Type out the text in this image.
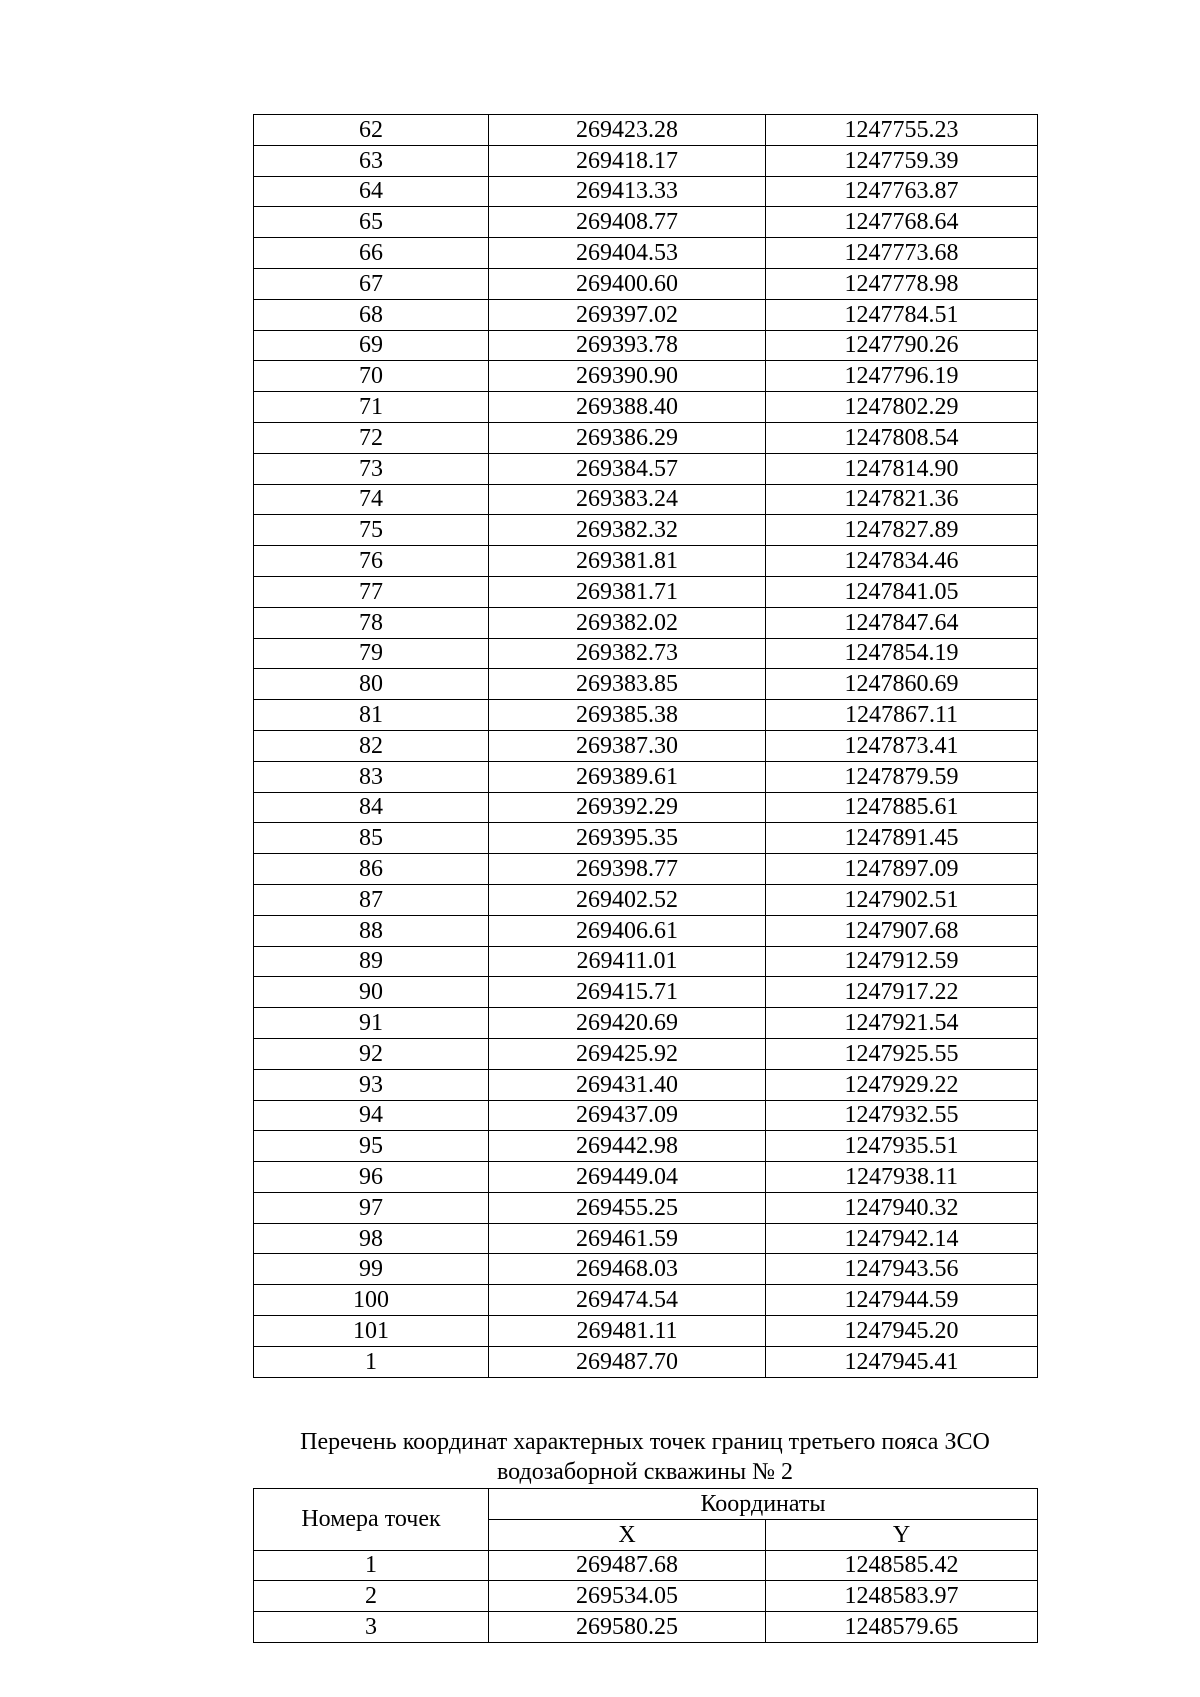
62	269423.28	1247755.23
63	269418.17	1247759.39
64	269413.33	1247763.87
65	269408.77	1247768.64
66	269404.53	1247773.68
67	269400.60	1247778.98
68	269397.02	1247784.51
69	269393.78	1247790.26
70	269390.90	1247796.19
71	269388.40	1247802.29
72	269386.29	1247808.54
73	269384.57	1247814.90
74	269383.24	1247821.36
75	269382.32	1247827.89
76	269381.81	1247834.46
77	269381.71	1247841.05
78	269382.02	1247847.64
79	269382.73	1247854.19
80	269383.85	1247860.69
81	269385.38	1247867.11
82	269387.30	1247873.41
83	269389.61	1247879.59
84	269392.29	1247885.61
85	269395.35	1247891.45
86	269398.77	1247897.09
87	269402.52	1247902.51
88	269406.61	1247907.68
89	269411.01	1247912.59
90	269415.71	1247917.22
91	269420.69	1247921.54
92	269425.92	1247925.55
93	269431.40	1247929.22
94	269437.09	1247932.55
95	269442.98	1247935.51
96	269449.04	1247938.11
97	269455.25	1247940.32
98	269461.59	1247942.14
99	269468.03	1247943.56
100	269474.54	1247944.59
101	269481.11	1247945.20
1	269487.70	1247945.41
Перечень координат характерных точек границ третьего пояса ЗСО
водозаборной скважины № 2
Номера точек	Координаты	
	X	Y
1	269487.68	1248585.42
2	269534.05	1248583.97
3	269580.25	1248579.65
